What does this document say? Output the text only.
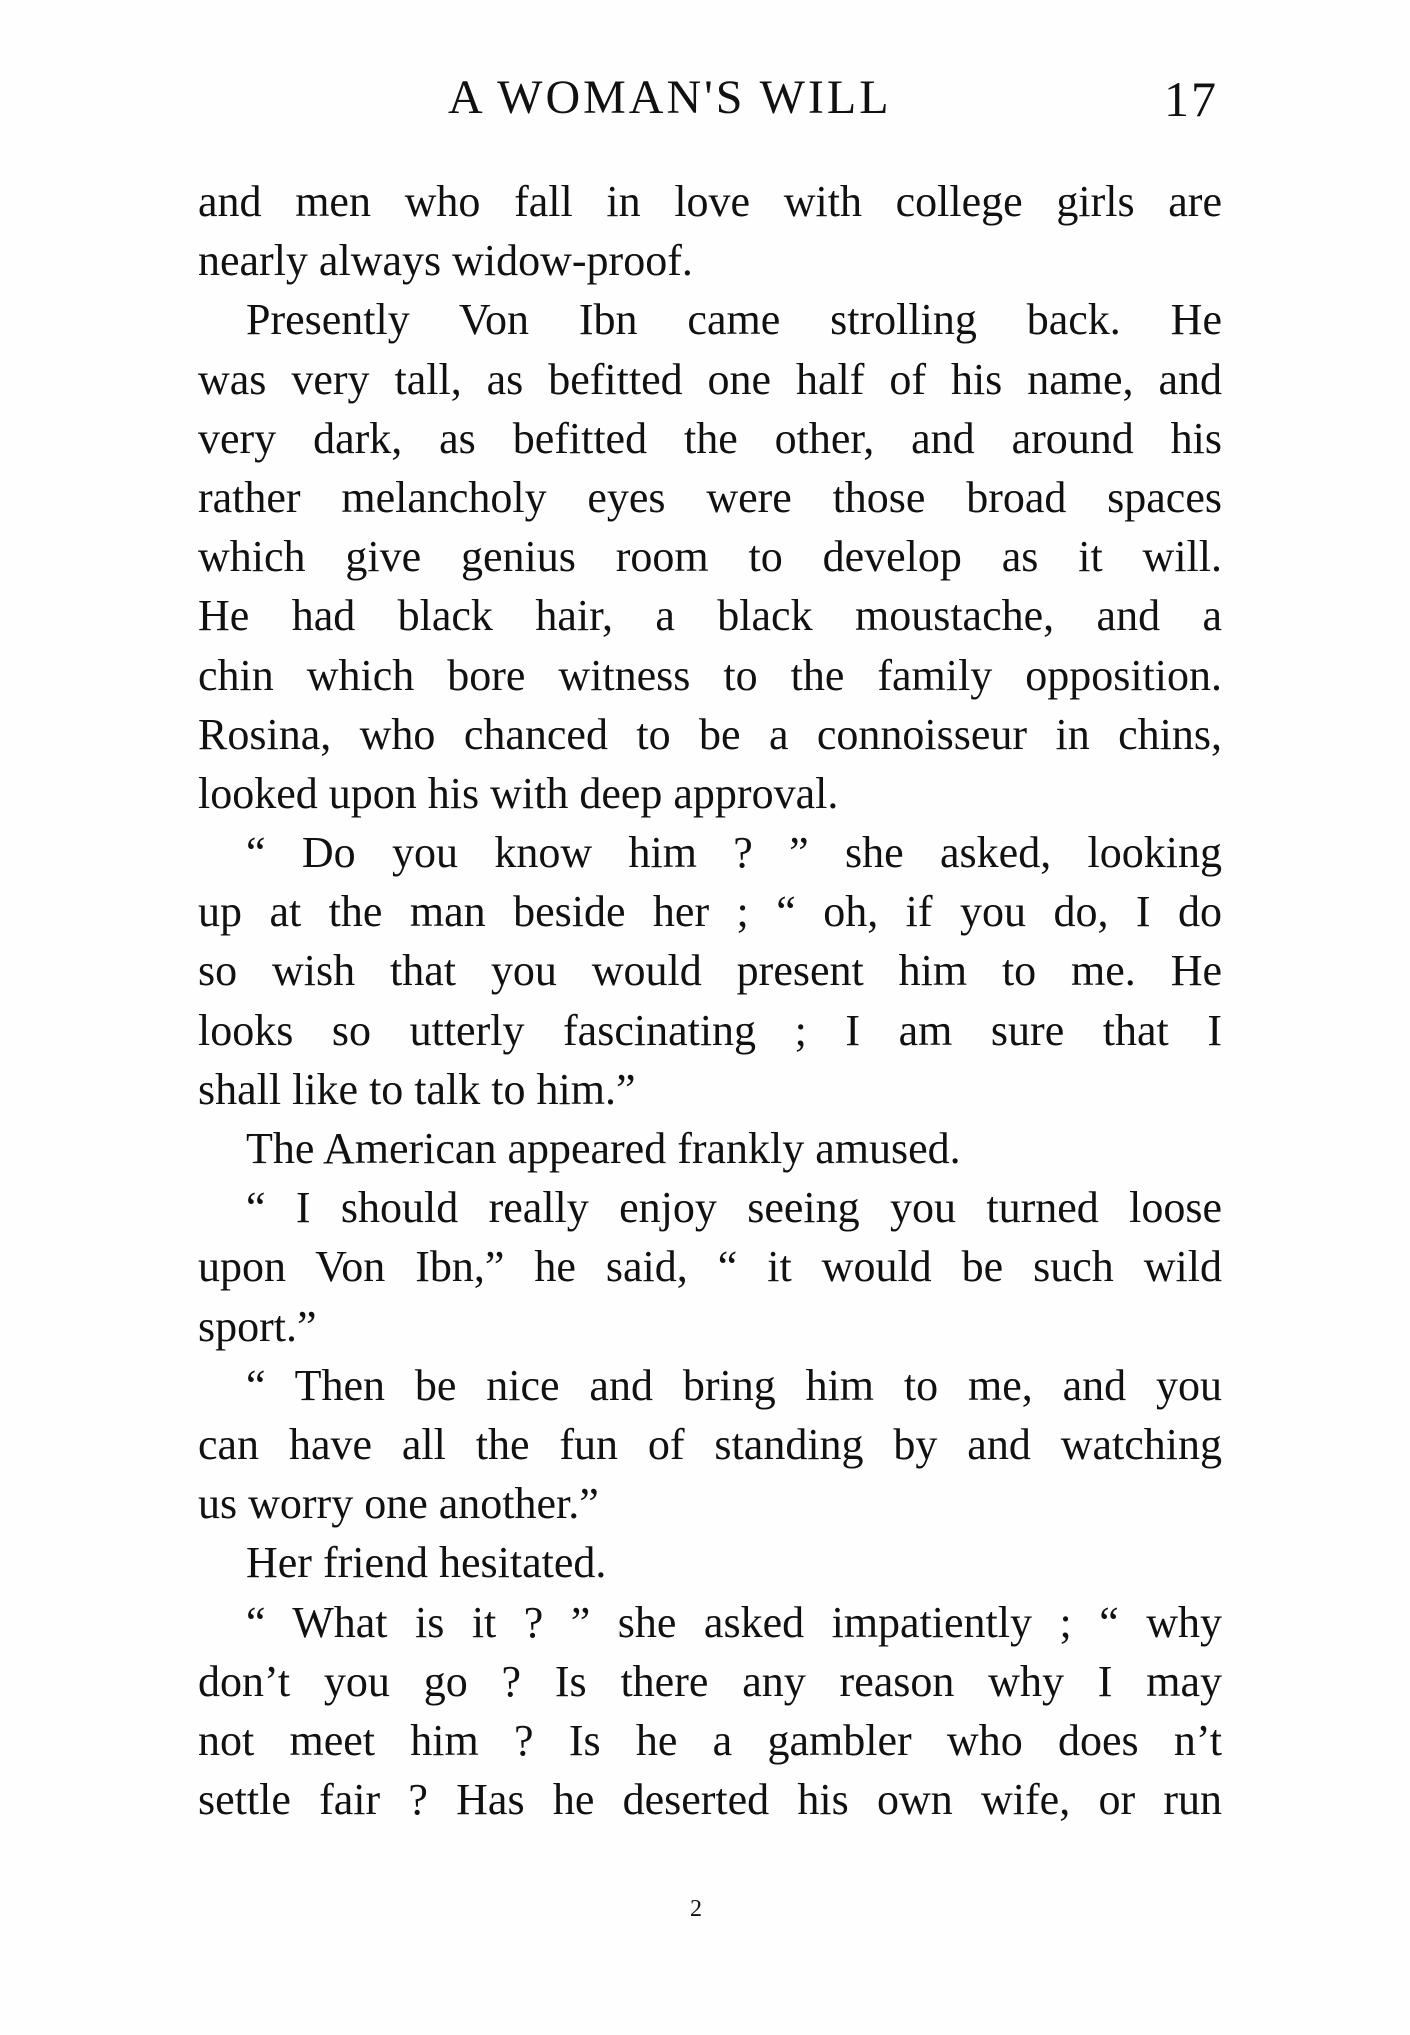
A WOMAN'S WILL	17
and men who fall in love with college girls are
nearly always widow-proof.
Presently Von Ibn came strolling back. He
was very tall, as befitted one half of his name, and
very dark, as befitted the other, and around his
rather melancholy eyes were those broad spaces
which give genius room to develop as it will.
He had black hair, a black moustache, and a
chin which bore witness to the family opposition.
Rosina, who chanced to be a connoisseur in chins,
looked upon his with deep approval.
“ Do you know him ? ” she asked, looking
up at the man beside her ; “ oh, if you do, I do
so wish that you would present him to me. He
looks so utterly fascinating ; I am sure that I
shall like to talk to him.”
The American appeared frankly amused.
“ I should really enjoy seeing you turned loose
upon Von Ibn,” he said, “ it would be such wild
sport.”
“ Then be nice and bring him to me, and you
can have all the fun of standing by and watching
us worry one another.”
Her friend hesitated.
“ What is it ? ” she asked impatiently ; “ why
don’t you go ? Is there any reason why I may
not meet him ? Is he a gambler who does n’t
settle fair ? Has he deserted his own wife, or run
2
